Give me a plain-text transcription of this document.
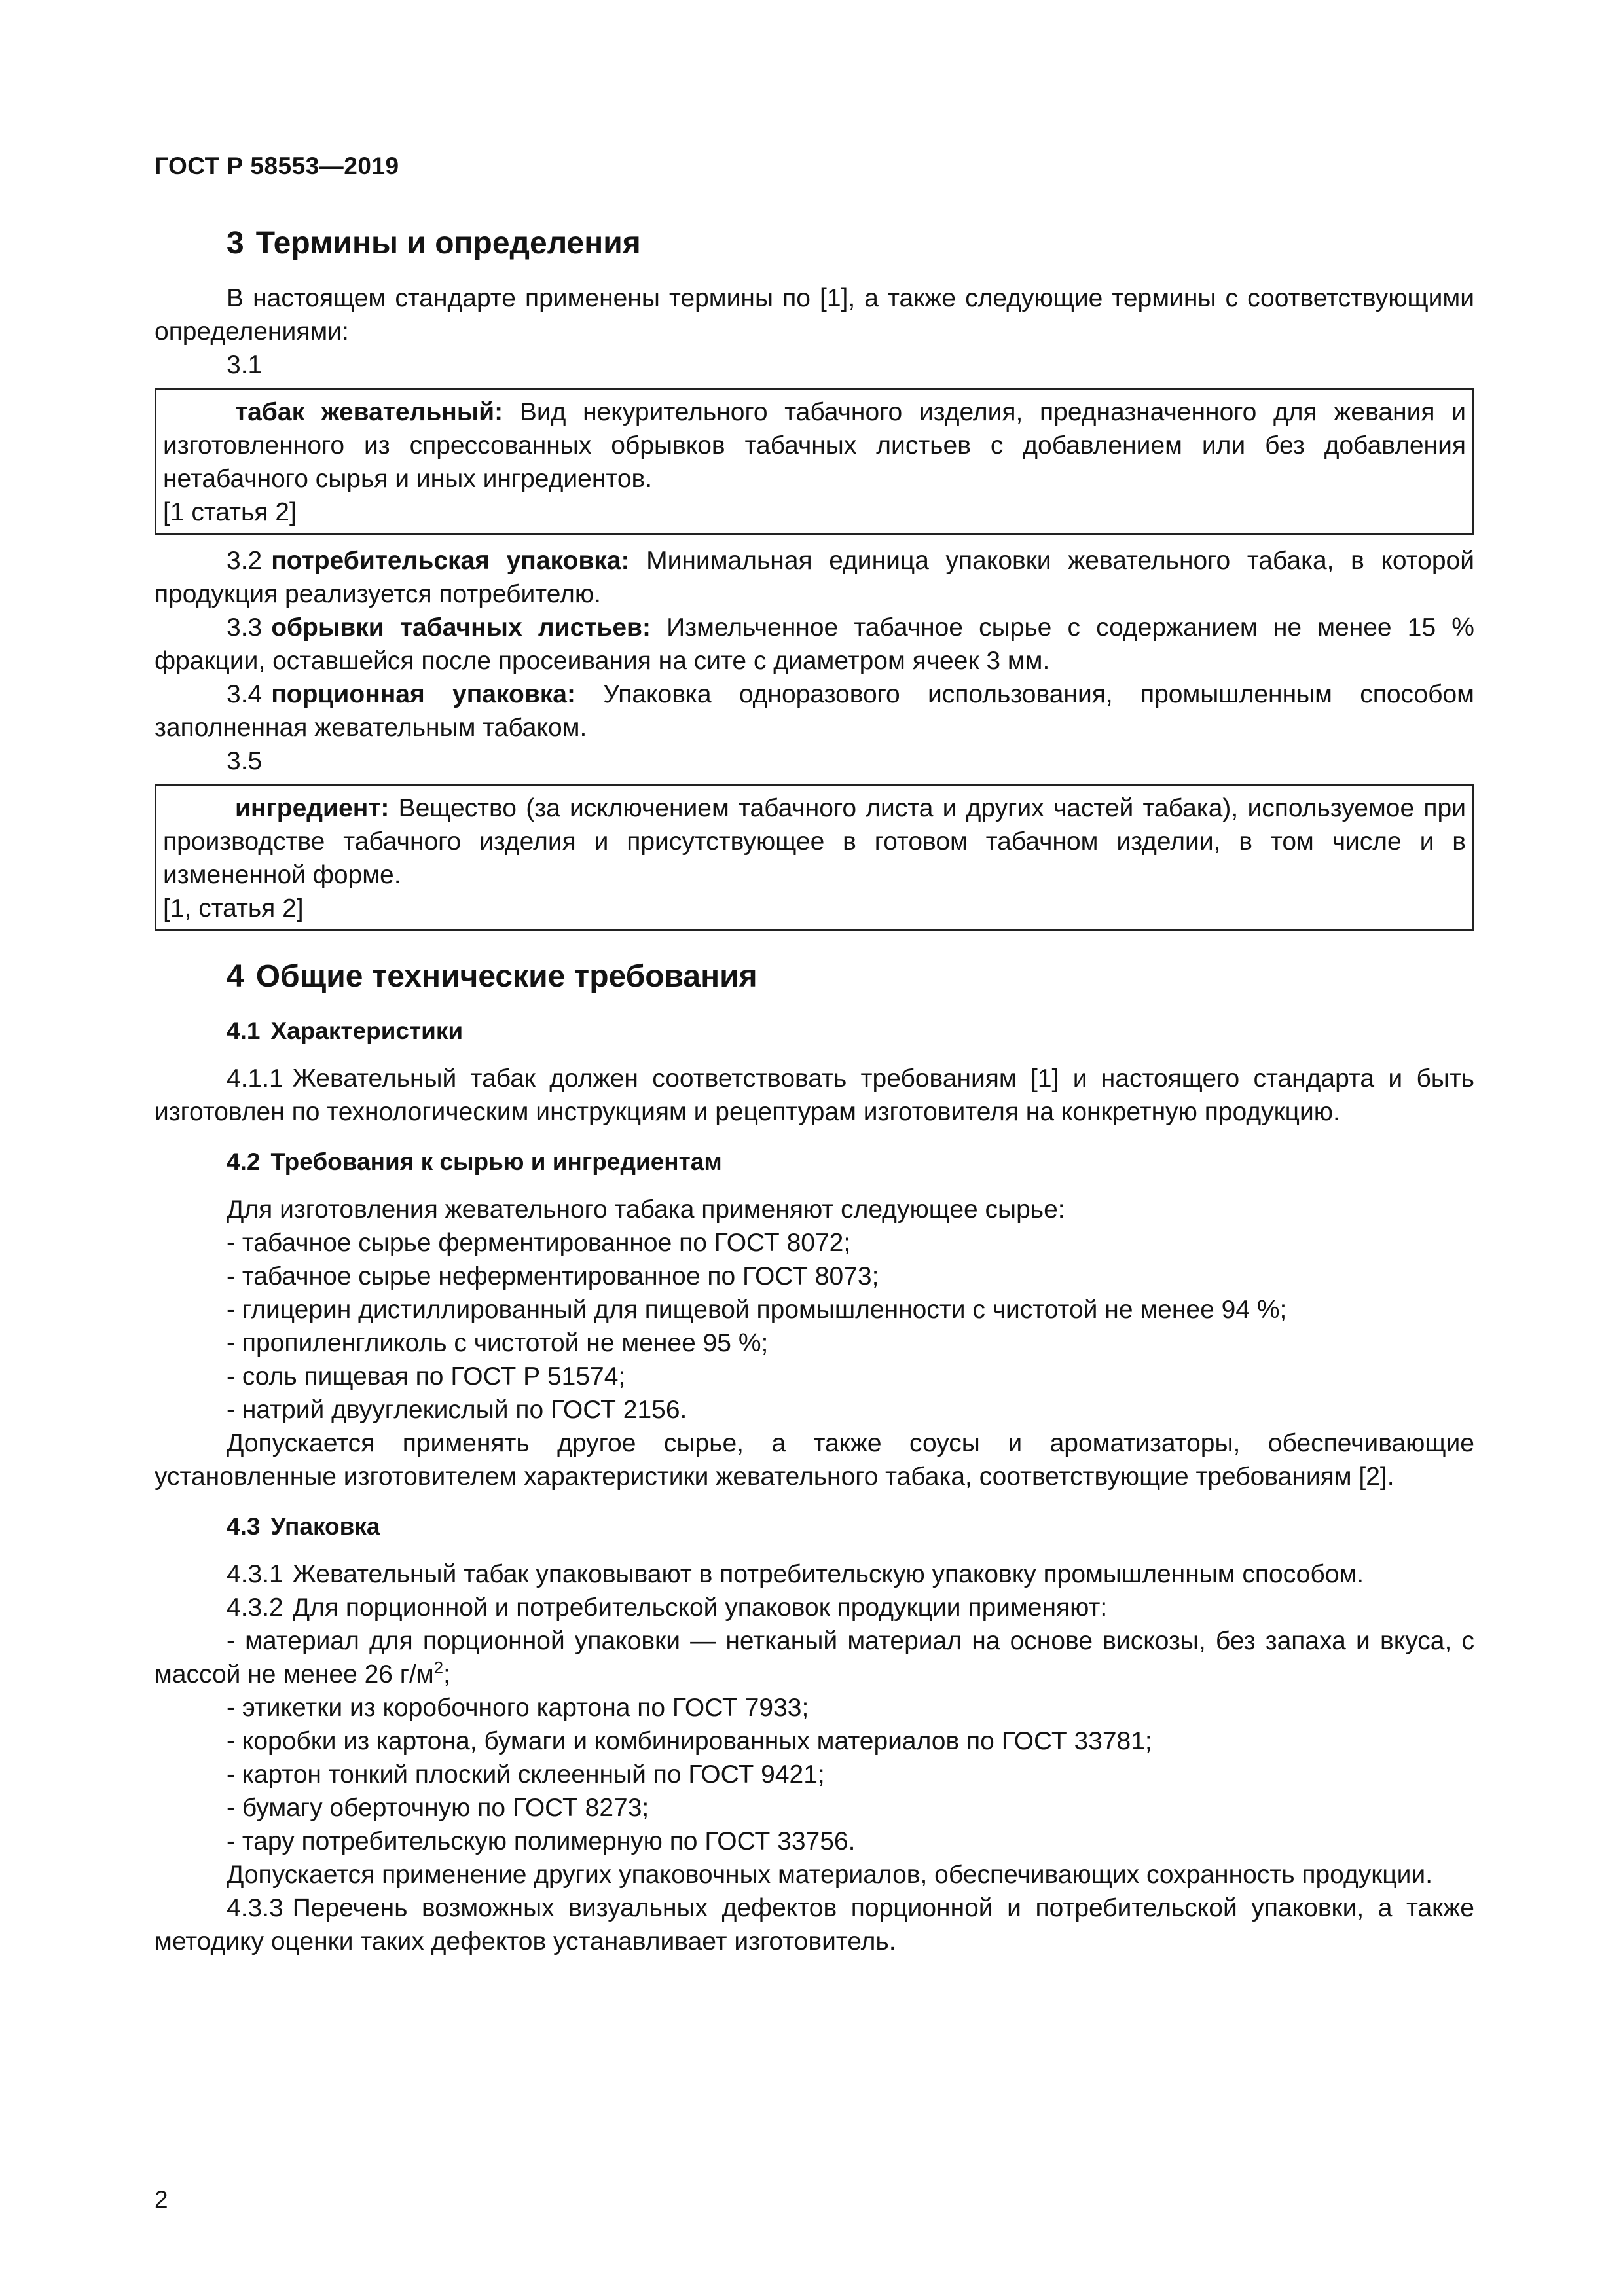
ГОСТ Р 58553—2019
3 Термины и определения

В настоящем стандарте применены термины по [1], а также следующие термины с соответствующими определениями:

3.1

табак жевательный: Вид некурительного табачного изделия, предназначенного для жевания и изготовленного из спрессованных обрывков табачных листьев с добавлением или без добавления нетабачного сырья и иных ингредиентов.

[1 статья 2]

3.2 потребительская упаковка: Минимальная единица упаковки жевательного табака, в которой продукция реализуется потребителю.

3.3 обрывки табачных листьев: Измельченное табачное сырье с содержанием не менее 15 % фракции, оставшейся после просеивания на сите с диаметром ячеек 3 мм.

3.4 порционная упаковка: Упаковка одноразового использования, промышленным способом заполненная жевательным табаком.

3.5

ингредиент: Вещество (за исключением табачного листа и других частей табака), используемое при производстве табачного изделия и присутствующее в готовом табачном изделии, в том числе и в измененной форме.

[1, статья 2]

4 Общие технические требования
4.1 Характеристики

4.1.1 Жевательный табак должен соответствовать требованиям [1] и настоящего стандарта и быть изготовлен по технологическим инструкциям и рецептурам изготовителя на конкретную продукцию.

4.2 Требования к сырью и ингредиентам

Для изготовления жевательного табака применяют следующее сырье:

- табачное сырье ферментированное по ГОСТ 8072;

- табачное сырье неферментированное по ГОСТ 8073;

- глицерин дистиллированный для пищевой промышленности с чистотой не менее 94 %;

- пропиленгликоль с чистотой не менее 95 %;

- соль пищевая по ГОСТ Р 51574;

- натрий двууглекислый по ГОСТ 2156.

Допускается применять другое сырье, а также соусы и ароматизаторы, обеспечивающие установленные изготовителем характеристики жевательного табака, соответствующие требованиям [2].

4.3 Упаковка

4.3.1 Жевательный табак упаковывают в потребительскую упаковку промышленным способом.

4.3.2 Для порционной и потребительской упаковок продукции применяют:

- материал для порционной упаковки — нетканый материал на основе вискозы, без запаха и вкуса, с массой не менее 26 $г/м^2$;

- этикетки из коробочного картона по ГОСТ 7933;

- коробки из картона, бумаги и комбинированных материалов по ГОСТ 33781;

- картон тонкий плоский склеенный по ГОСТ 9421;

- бумагу оберточную по ГОСТ 8273;

- тару потребительскую полимерную по ГОСТ 33756.

Допускается применение других упаковочных материалов, обеспечивающих сохранность продукции.

4.3.3 Перечень возможных визуальных дефектов порционной и потребительской упаковки, а также методику оценки таких дефектов устанавливает изготовитель.

2
